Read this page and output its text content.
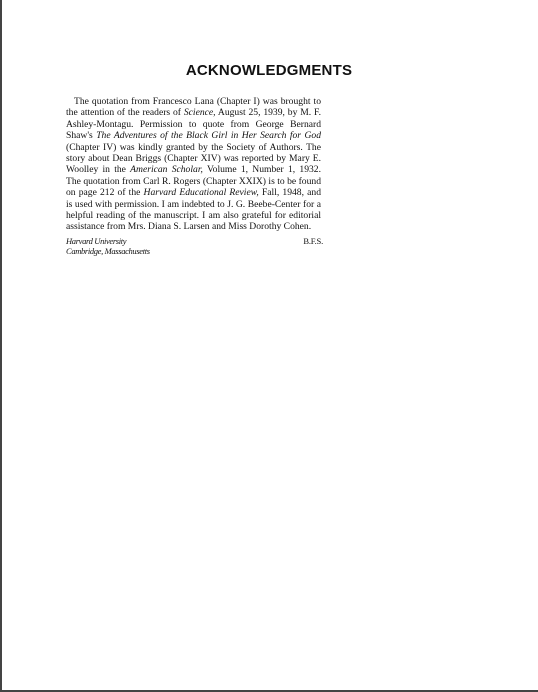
ACKNOWLEDGMENTS

The quotation from Francesco Lana (Chapter I) was brought to the attention of the readers of Science, August 25, 1939, by M. F. Ashley-Montagu. Permission to quote from George Bernard Shaw's The Adventures of the Black Girl in Her Search for God (Chapter IV) was kindly granted by the Society of Authors. The story about Dean Briggs (Chapter XIV) was reported by Mary E. Woolley in the American Scholar, Volume 1, Number 1, 1932. The quotation from Carl R. Rogers (Chapter XXIX) is to be found on page 212 of the Harvard Educational Review, Fall, 1948, and is used with permission. I am indebted to J. G. Beebe-Center for a helpful reading of the manuscript. I am also grateful for editorial assistance from Mrs. Diana S. Larsen and Miss Dorothy Cohen.

Harvard University
Cambridge, Massachusetts
B.F.S.
